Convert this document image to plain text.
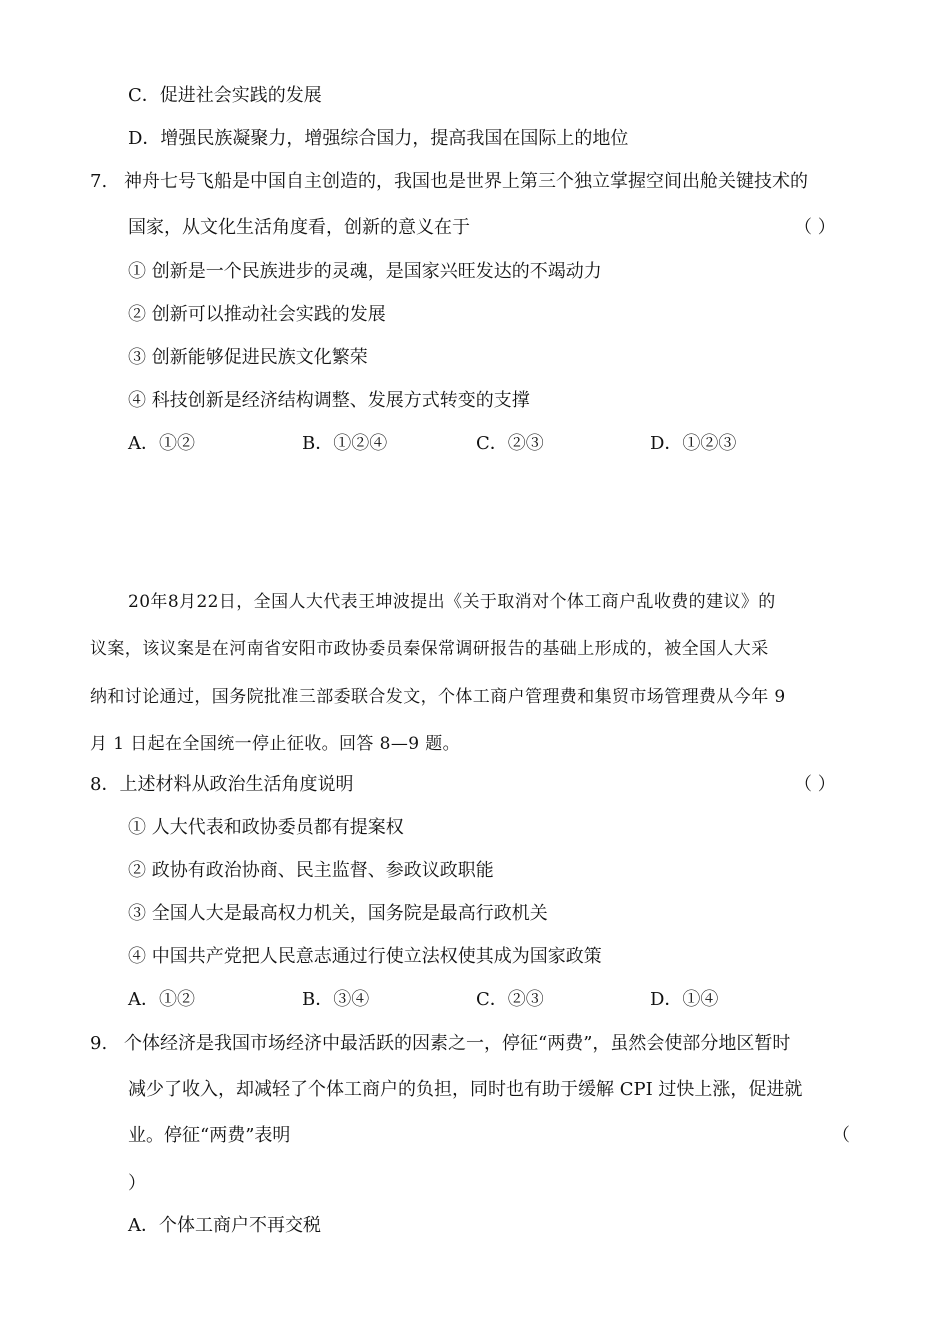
C．促进社会实践的发展
D．增强民族凝聚力，增强综合国力，提高我国在国际上的地位
7. 神舟七号飞船是中国自主创造的，我国也是世界上第三个独立掌握空间出舱关键技术的
国家，从文化生活角度看，创新的意义在于	（ ）
① 创新是一个民族进步的灵魂，是国家兴旺发达的不竭动力
② 创新可以推动社会实践的发展
③ 创新能够促进民族文化繁荣
④ 科技创新是经济结构调整、发展方式转变的支撑
A．①②	B．①②④	C．②③	D．①②③
20年8月22日，全国人大代表王坤波提出《关于取消对个体工商户乱收费的建议》的
议案，该议案是在河南省安阳市政协委员秦保常调研报告的基础上形成的，被全国人大采
纳和讨论通过，国务院批准三部委联合发文，个体工商户管理费和集贸市场管理费从今年 9
月 1 日起在全国统一停止征收。回答 8—9 题。
8．上述材料从政治生活角度说明	（ ）
① 人大代表和政协委员都有提案权
② 政协有政治协商、民主监督、参政议政职能
③ 全国人大是最高权力机关，国务院是最高行政机关
④ 中国共产党把人民意志通过行使立法权使其成为国家政策
A．①②	B．③④	C．②③	D．①④
9. 个体经济是我国市场经济中最活跃的因素之一，停征“两费”，虽然会使部分地区暂时
减少了收入，却减轻了个体工商户的负担，同时也有助于缓解 CPI 过快上涨，促进就
业。停征“两费”表明	（
）
A．个体工商户不再交税
